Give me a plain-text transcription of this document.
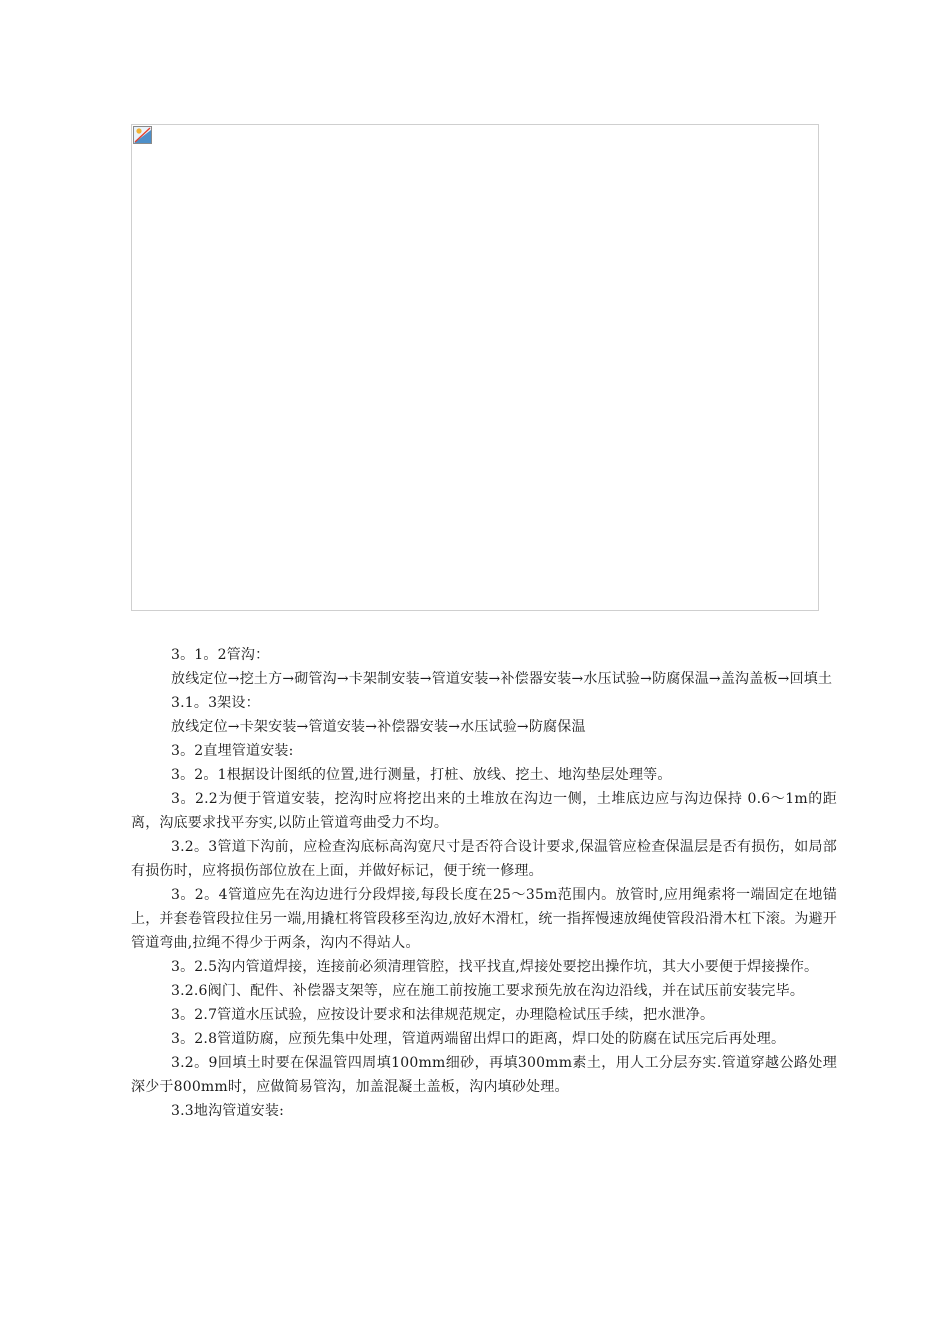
3。1。2管沟：

放线定位→挖土方→砌管沟→卡架制安装→管道安装→补偿器安装→水压试验→防腐保温→盖沟盖板→回填土

3.1。3架设：

放线定位→卡架安装→管道安装→补偿器安装→水压试验→防腐保温

3。2直埋管道安装:

3。2。1根据设计图纸的位置,进行测量，打桩、放线、挖土、地沟垫层处理等。

3。2.2为便于管道安装，挖沟时应将挖出来的土堆放在沟边一侧，土堆底边应与沟边保持 0.6～1m的距离，沟底要求找平夯实,以防止管道弯曲受力不均。

3.2。3管道下沟前，应检查沟底标高沟宽尺寸是否符合设计要求,保温管应检查保温层是否有损伤，如局部有损伤时，应将损伤部位放在上面，并做好标记，便于统一修理。

3。2。4管道应先在沟边进行分段焊接,每段长度在25～35m范围内。放管时,应用绳索将一端固定在地锚上，并套卷管段拉住另一端,用撬杠将管段移至沟边,放好木滑杠，统一指挥慢速放绳使管段沿滑木杠下滚。为避开管道弯曲,拉绳不得少于两条，沟内不得站人。

3。2.5沟内管道焊接，连接前必须清理管腔，找平找直,焊接处要挖出操作坑，其大小要便于焊接操作。

3.2.6阀门、配件、补偿器支架等，应在施工前按施工要求预先放在沟边沿线，并在试压前安装完毕。

3。2.7管道水压试验，应按设计要求和法律规范规定，办理隐检试压手续，把水泄净。

3。2.8管道防腐，应预先集中处理，管道两端留出焊口的距离，焊口处的防腐在试压完后再处理。

3.2。9回填土时要在保温管四周填100mm细砂，再填300mm素土，用人工分层夯实.管道穿越公路处理深少于800mm时，应做简易管沟，加盖混凝土盖板，沟内填砂处理。

3.3地沟管道安装:
